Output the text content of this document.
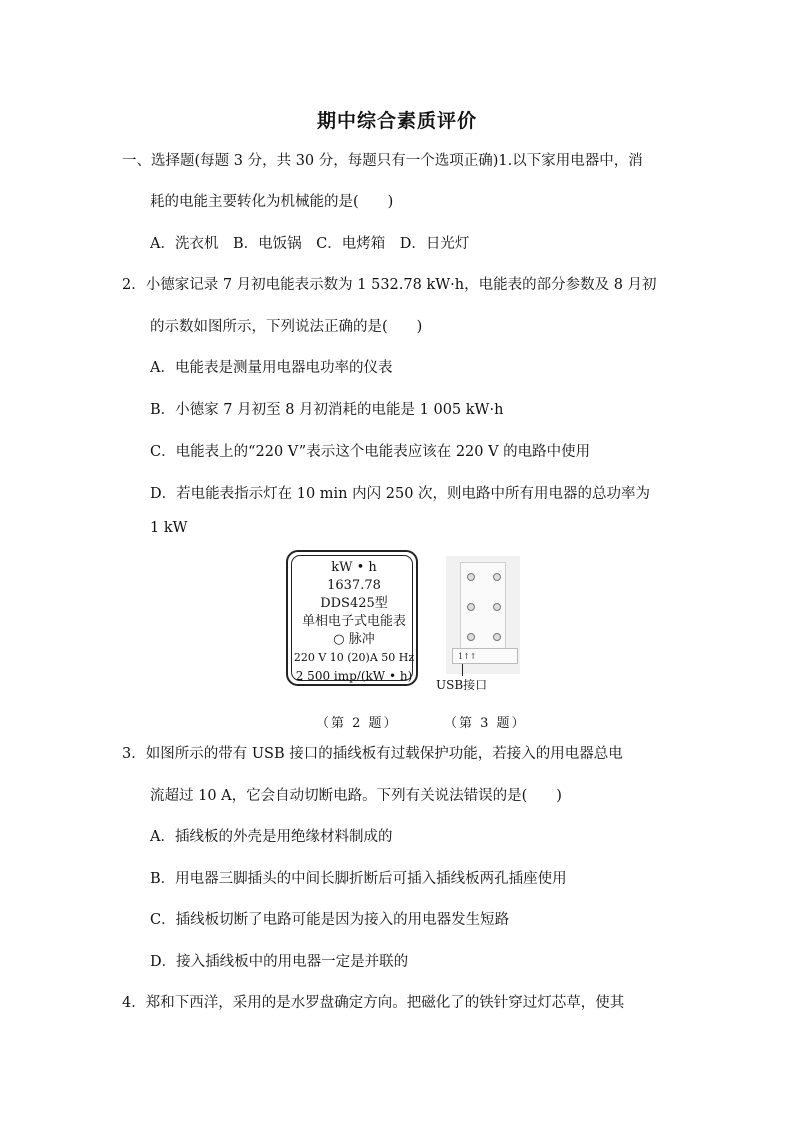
期中综合素质评价
一、选择题(每题 3 分，共 30 分，每题只有一个选项正确)1.以下家用电器中，消
耗的电能主要转化为机械能的是(　　)
A．洗衣机　B．电饭锅　C．电烤箱　D．日光灯
2．小德家记录 7 月初电能表示数为 1 532.78 kW·h，电能表的部分参数及 8 月初
的示数如图所示，下列说法正确的是(　　)
A．电能表是测量用电器电功率的仪表
B．小德家 7 月初至 8 月初消耗的电能是 1 005 kW·h
C．电能表上的“220 V”表示这个电能表应该在 220 V 的电路中使用
D．若电能表指示灯在 10 min 内闪 250 次，则电路中所有用电器的总功率为
1 kW
kW • h
1637.78
DDS425型
单相电子式电能表
○ 脉冲
220 V 10 (20)A 50 Hz
2 500 imp/(kW • h)
1↑↑
USB接口
（第 2 题）	（第 3 题）
3．如图所示的带有 USB 接口的插线板有过载保护功能，若接入的用电器总电
流超过 10 A，它会自动切断电路。下列有关说法错误的是(　　)
A．插线板的外壳是用绝缘材料制成的
B．用电器三脚插头的中间长脚折断后可插入插线板两孔插座使用
C．插线板切断了电路可能是因为接入的用电器发生短路
D．接入插线板中的用电器一定是并联的
4．郑和下西洋，采用的是水罗盘确定方向。把磁化了的铁针穿过灯芯草，使其
